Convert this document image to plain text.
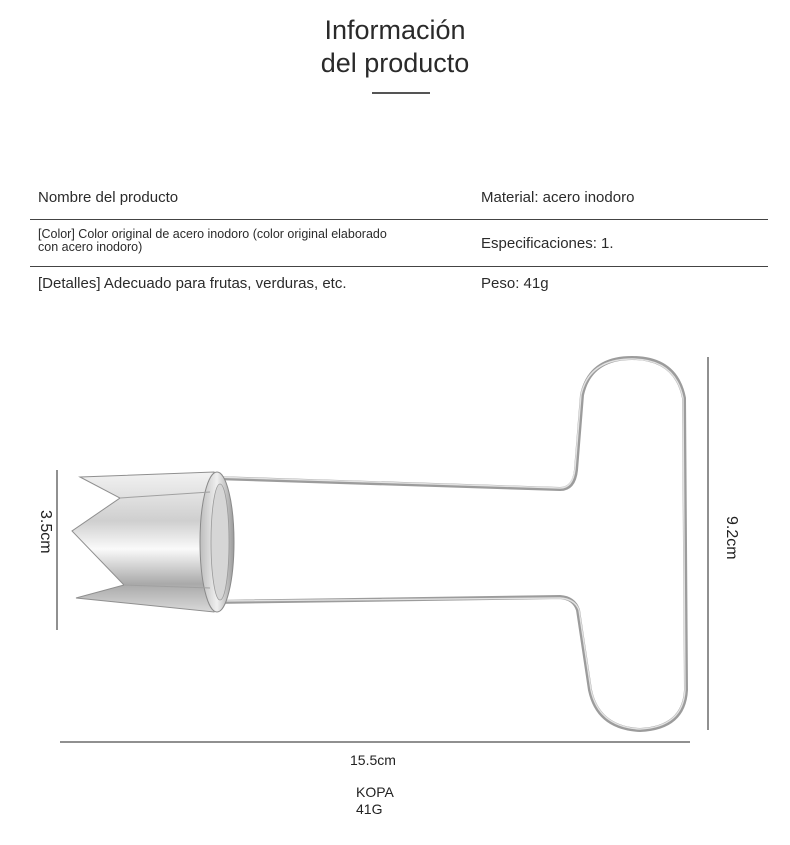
Información
del producto
Nombre del producto	Material: acero inodoro
[Color] Color original de acero inodoro (color original elaborado con acero inodoro)	Especificaciones: 1.
[Detalles] Adecuado para frutas, verduras, etc.	Peso: 41g
3.5cm	9.2cm
15.5cm
KOPA
41G
